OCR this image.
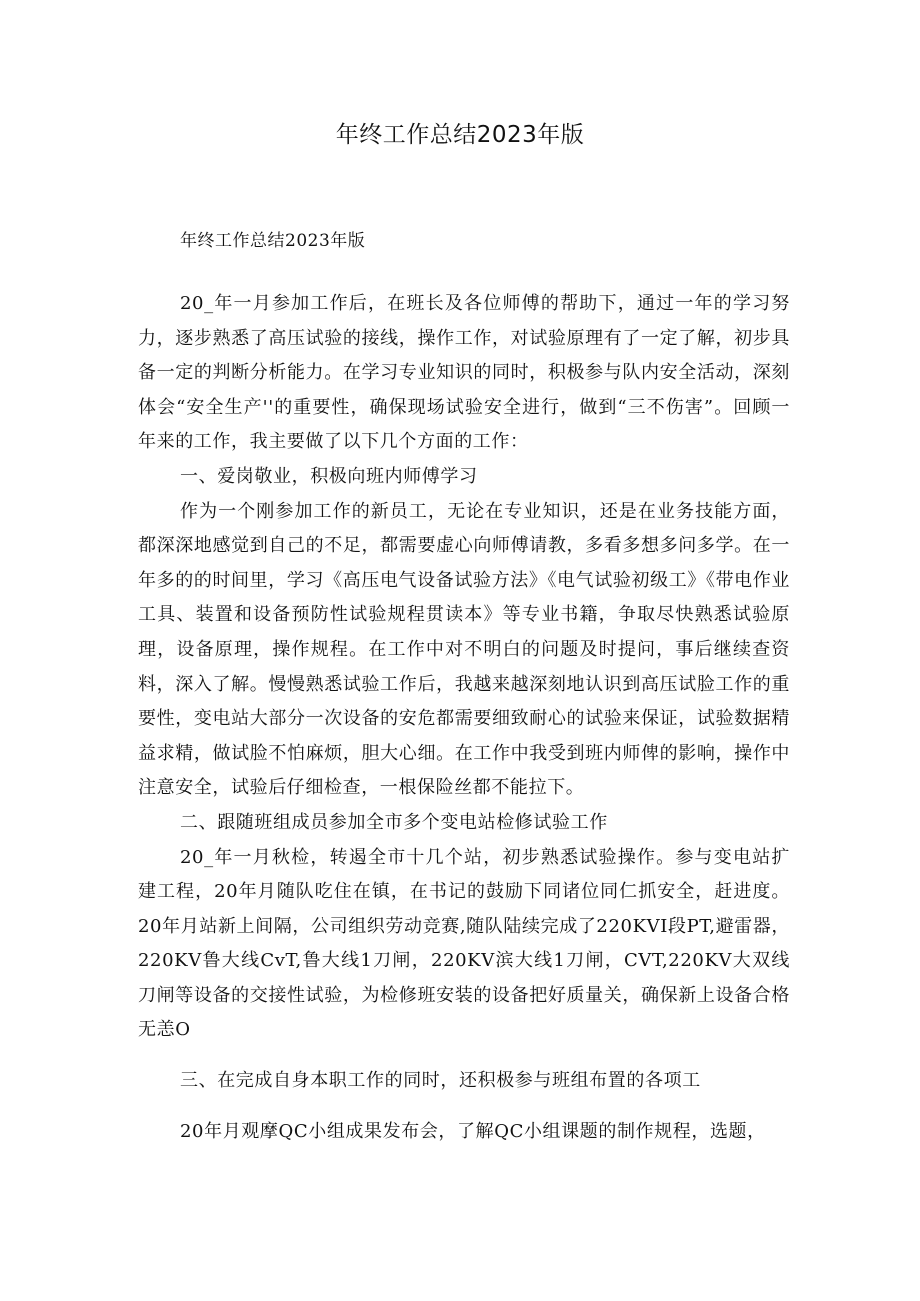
年终工作总结2023年版

年终工作总结2023年版

20_年一月参加工作后，在班长及各位师傅的帮助下，通过一年的学习努力，逐步熟悉了高压试验的接线，操作工作，对试验原理有了一定了解，初步具备一定的判断分析能力。在学习专业知识的同时，积极参与队内安全活动，深刻体会“安全生产''的重要性，确保现场试验安全进行，做到“三不伤害”。回顾一年来的工作，我主要做了以下几个方面的工作：

一、爱岗敬业，积极向班内师傅学习

作为一个刚参加工作的新员工，无论在专业知识，还是在业务技能方面，都深深地感觉到自己的不足，都需要虚心向师傅请教，多看多想多问多学。在一年多的的时间里，学习《高压电气设备试验方法》《电气试验初级工》《带电作业工具、装置和设备预防性试验规程贯读本》等专业书籍，争取尽快熟悉试验原理，设备原理，操作规程。在工作中对不明白的问题及时提问，事后继续查资料，深入了解。慢慢熟悉试验工作后，我越来越深刻地认识到高压试脸工作的重要性，变电站大部分一次设备的安危都需要细致耐心的试验来保证，试验数据精益求精，做试脸不怕麻烦，胆大心细。在工作中我受到班内师俾的影响，操作中注意安全，试验后仔细检查，一根保险丝都不能拉下。

二、跟随班组成员参加全市多个变电站检修试验工作

20_年一月秋检，转遏全市十几个站，初步熟悉试验操作。参与变电站扩建工程，20年月随队吃住在镇，在书记的鼓励下同诸位同仁抓安全，赶进度。20年月站新上间隔，公司组织劳动竞赛,随队陆续完成了220KVI段PT,避雷器，220KV鲁大线CvT,鲁大线1刀闸，220KV滨大线1刀闸，CVT,220KV大双线刀闸等设备的交接性试验，为检修班安装的设备把好质量关，确保新上设备合格无恙O

三、在完成自身本职工作的同时，还积极参与班组布置的各项工

20年月观摩QC小组成果发布会，了解QC小组课题的制作规程，选题，
